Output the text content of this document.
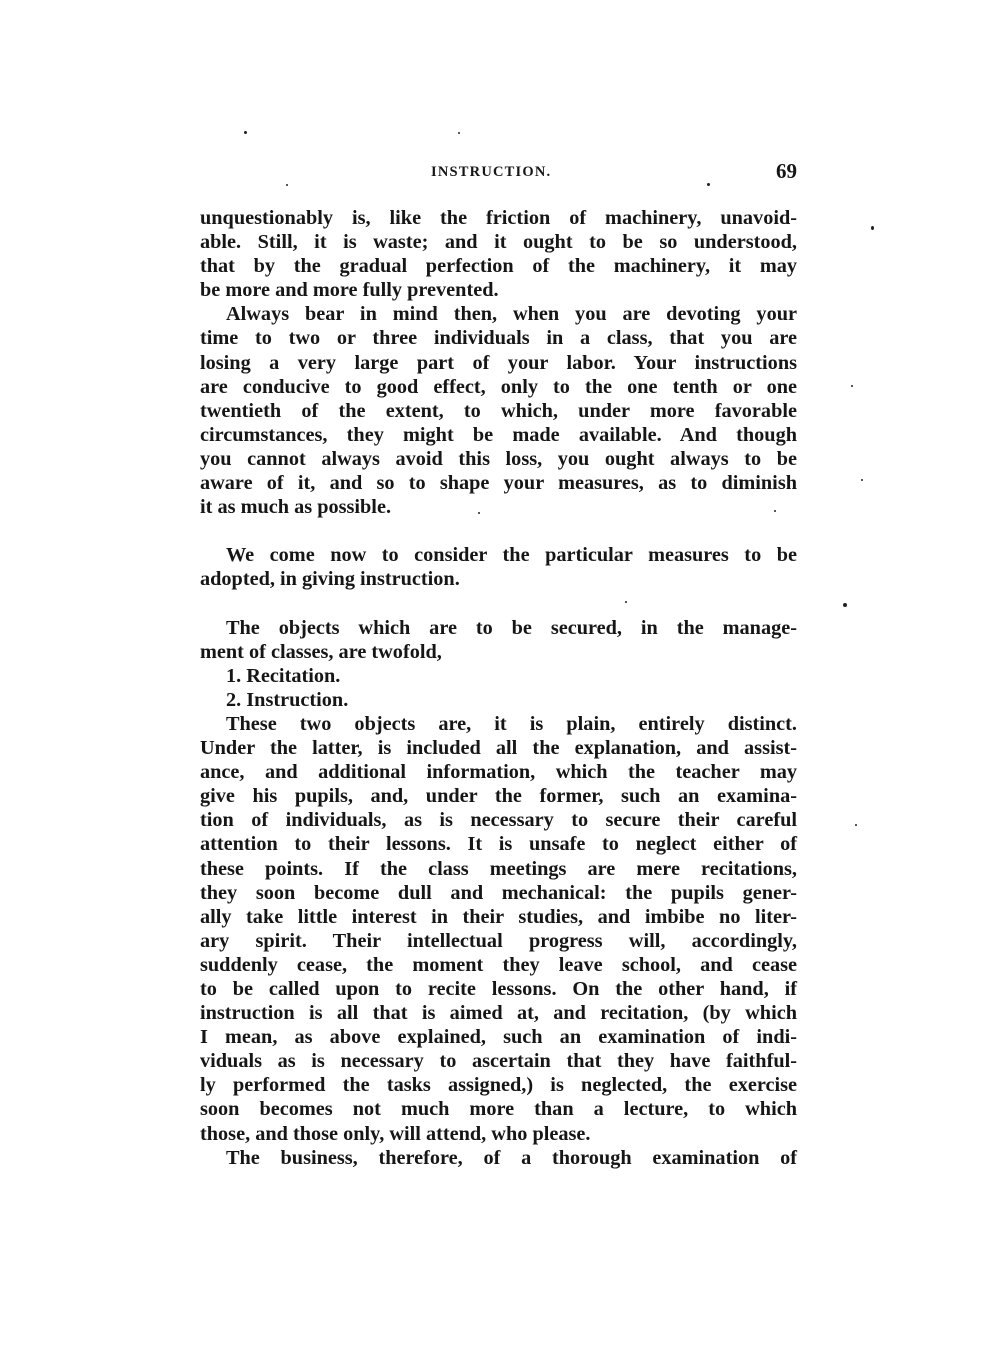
INSTRUCTION.	69
unquestionably is, like the friction of machinery, unavoid-
able. Still, it is waste; and it ought to be so understood,
that by the gradual perfection of the machinery, it may
be more and more fully prevented.
Always bear in mind then, when you are devoting your
time to two or three individuals in a class, that you are
losing a very large part of your labor. Your instructions
are conducive to good effect, only to the one tenth or one
twentieth of the extent, to which, under more favorable
circumstances, they might be made available. And though
you cannot always avoid this loss, you ought always to be
aware of it, and so to shape your measures, as to diminish
it as much as possible.
We come now to consider the particular measures to be
adopted, in giving instruction.
The objects which are to be secured, in the manage-
ment of classes, are twofold,
1. Recitation.
2. Instruction.
These two objects are, it is plain, entirely distinct.
Under the latter, is included all the explanation, and assist-
ance, and additional information, which the teacher may
give his pupils, and, under the former, such an examina-
tion of individuals, as is necessary to secure their careful
attention to their lessons. It is unsafe to neglect either of
these points. If the class meetings are mere recitations,
they soon become dull and mechanical: the pupils gener-
ally take little interest in their studies, and imbibe no liter-
ary spirit. Their intellectual progress will, accordingly,
suddenly cease, the moment they leave school, and cease
to be called upon to recite lessons. On the other hand, if
instruction is all that is aimed at, and recitation, (by which
I mean, as above explained, such an examination of indi-
viduals as is necessary to ascertain that they have faithful-
ly performed the tasks assigned,) is neglected, the exercise
soon becomes not much more than a lecture, to which
those, and those only, will attend, who please.
The business, therefore, of a thorough examination of
